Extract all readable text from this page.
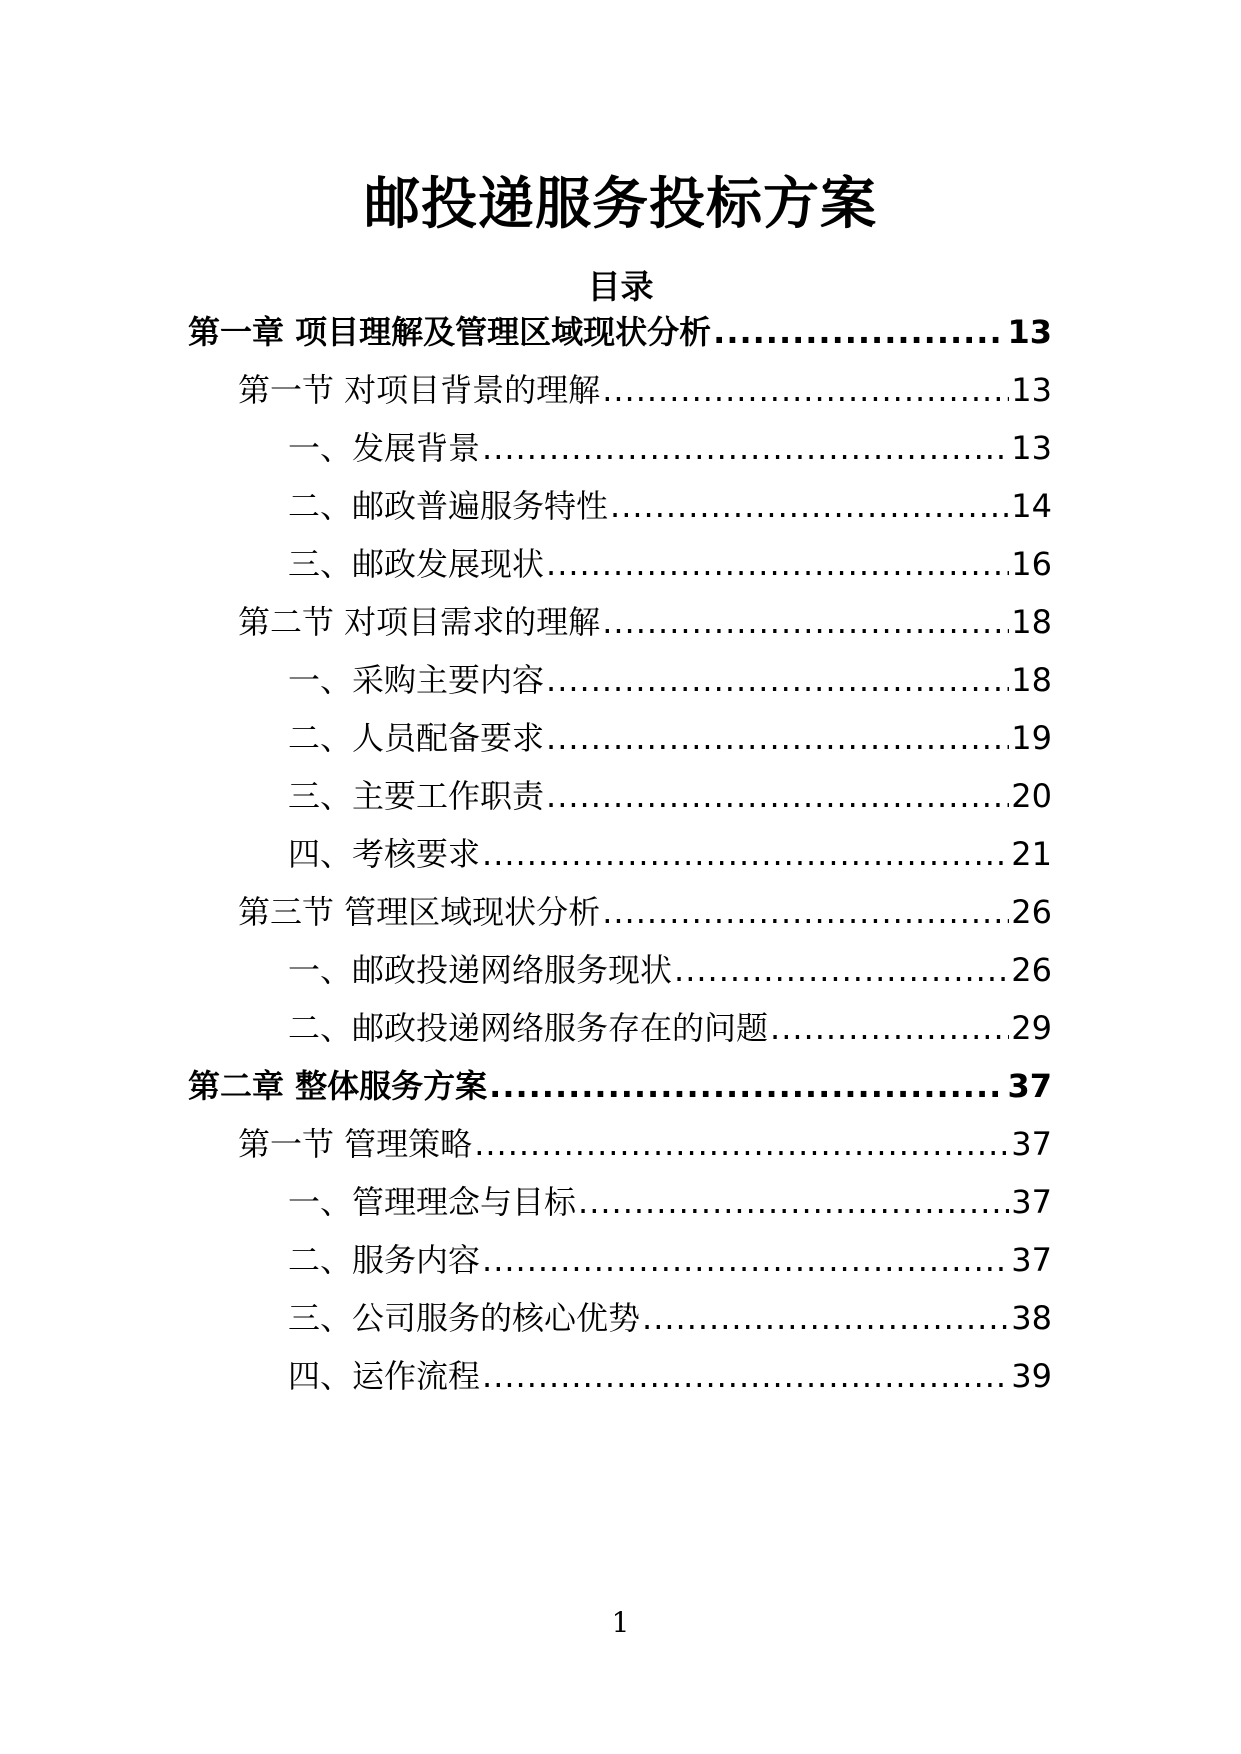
邮投递服务投标方案
目录
第一章 项目理解及管理区域现状分析 .....	13
第一节 对项目背景的理解 .....	13
一、发展背景 .....	13
二、邮政普遍服务特性 .....	14
三、邮政发展现状 .....	16
第二节 对项目需求的理解 .....	18
一、采购主要内容 .....	18
二、人员配备要求 .....	19
三、主要工作职责 .....	20
四、考核要求 .....	21
第三节 管理区域现状分析 .....	26
一、邮政投递网络服务现状 .....	26
二、邮政投递网络服务存在的问题 .....	29
第二章 整体服务方案 .....	37
第一节 管理策略 .....	37
一、管理理念与目标 .....	37
二、服务内容 .....	37
三、公司服务的核心优势 .....	38
四、运作流程 .....	39
1
